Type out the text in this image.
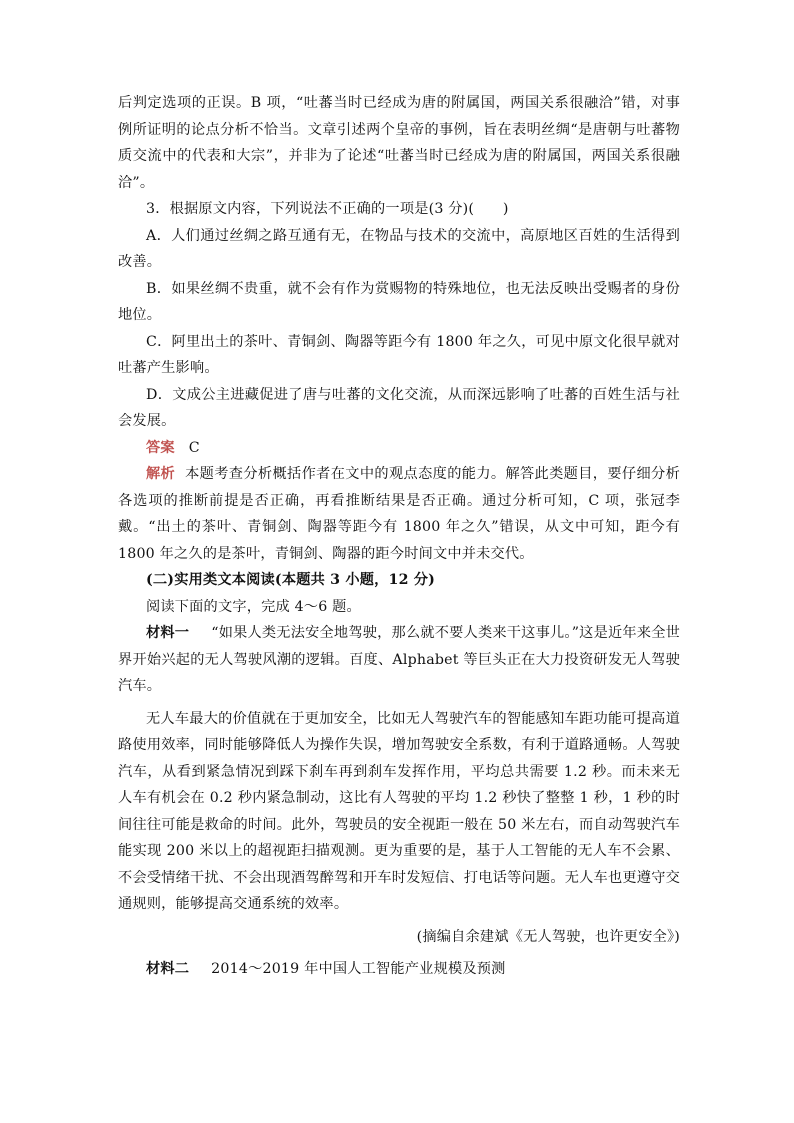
后判定选项的正误。B 项，“吐蕃当时已经成为唐的附属国，两国关系很融洽”错，对事例所证明的论点分析不恰当。文章引述两个皇帝的事例，旨在表明丝绸“是唐朝与吐蕃物质交流中的代表和大宗”，并非为了论述“吐蕃当时已经成为唐的附属国，两国关系很融洽”。

3．根据原文内容，下列说法不正确的一项是(3 分)(　　)

A．人们通过丝绸之路互通有无，在物品与技术的交流中，高原地区百姓的生活得到改善。

B．如果丝绸不贵重，就不会有作为赏赐物的特殊地位，也无法反映出受赐者的身份地位。

C．阿里出土的茶叶、青铜剑、陶器等距今有 1800 年之久，可见中原文化很早就对吐蕃产生影响。

D．文成公主进藏促进了唐与吐蕃的文化交流，从而深远影响了吐蕃的百姓生活与社会发展。

答案 C

解析 本题考查分析概括作者在文中的观点态度的能力。解答此类题目，要仔细分析各选项的推断前提是否正确，再看推断结果是否正确。通过分析可知，C 项，张冠李戴。“出土的茶叶、青铜剑、陶器等距今有 1800 年之久”错误，从文中可知，距今有 1800 年之久的是茶叶，青铜剑、陶器的距今时间文中并未交代。

(二)实用类文本阅读(本题共 3 小题，12 分)

阅读下面的文字，完成 4～6 题。

材料一 “如果人类无法安全地驾驶，那么就不要人类来干这事儿。”这是近年来全世界开始兴起的无人驾驶风潮的逻辑。百度、Alphabet 等巨头正在大力投资研发无人驾驶汽车。

无人车最大的价值就在于更加安全，比如无人驾驶汽车的智能感知车距功能可提高道路使用效率，同时能够降低人为操作失误，增加驾驶安全系数，有利于道路通畅。人驾驶汽车，从看到紧急情况到踩下刹车再到刹车发挥作用，平均总共需要 1.2 秒。而未来无人车有机会在 0.2 秒内紧急制动，这比有人驾驶的平均 1.2 秒快了整整 1 秒，1 秒的时间往往可能是救命的时间。此外，驾驶员的安全视距一般在 50 米左右，而自动驾驶汽车能实现 200 米以上的超视距扫描观测。更为重要的是，基于人工智能的无人车不会累、不会受情绪干扰、不会出现酒驾醉驾和开车时发短信、打电话等问题。无人车也更遵守交通规则，能够提高交通系统的效率。

(摘编自余建斌《无人驾驶，也许更安全》)

材料二 2014～2019 年中国人工智能产业规模及预测
